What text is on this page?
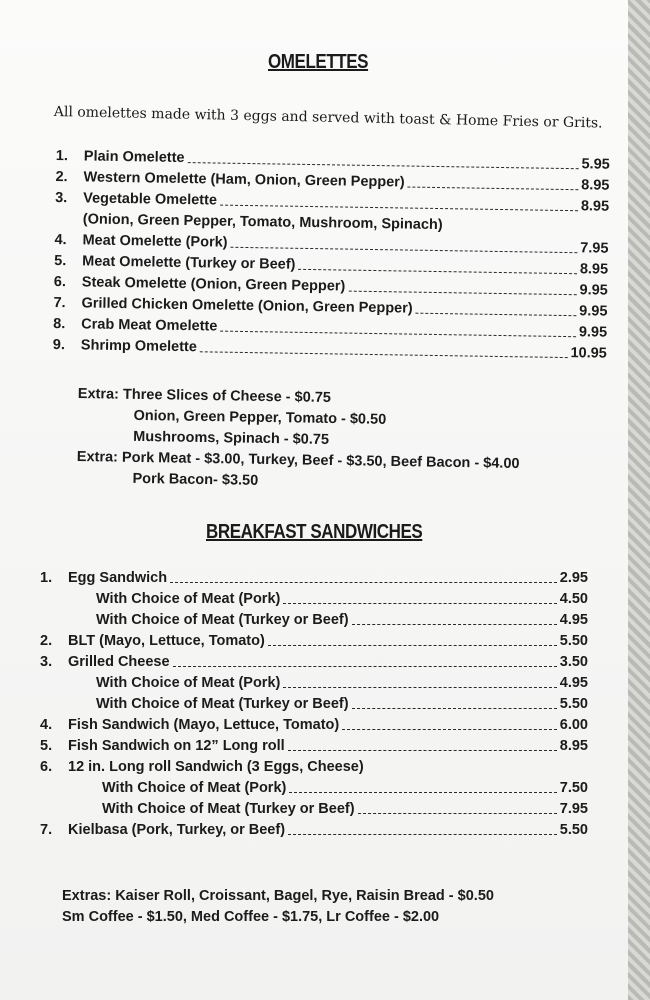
OMELETTES

All omelettes made with 3 eggs and served with toast & Home Fries or Grits.

1.	Plain Omelette	5.95
2.	Western Omelette (Ham, Onion, Green Pepper)	8.95
3.	Vegetable Omelette	8.95
(Onion, Green Pepper, Tomato, Mushroom, Spinach)
4.	Meat Omelette (Pork)	7.95
5.	Meat Omelette (Turkey or Beef)	8.95
6.	Steak Omelette (Onion, Green Pepper)	9.95
7.	Grilled Chicken Omelette (Onion, Green Pepper)	9.95
8.	Crab Meat Omelette	9.95
9.	Shrimp Omelette	10.95
Extra: Three Slices of Cheese - $0.75
Onion, Green Pepper, Tomato - $0.50
Mushrooms, Spinach - $0.75
Extra: Pork Meat - $3.00, Turkey, Beef - $3.50, Beef Bacon - $4.00
Pork Bacon- $3.50
BREAKFAST SANDWICHES
1.	Egg Sandwich	2.95
With Choice of Meat (Pork)	4.50
With Choice of Meat (Turkey or Beef)	4.95
2.	BLT (Mayo, Lettuce, Tomato)	5.50
3.	Grilled Cheese	3.50
With Choice of Meat (Pork)	4.95
With Choice of Meat (Turkey or Beef)	5.50
4.	Fish Sandwich (Mayo, Lettuce, Tomato)	6.00
5.	Fish Sandwich on 12” Long roll	8.95
6.	12 in. Long roll Sandwich (3 Eggs, Cheese)
With Choice of Meat (Pork)	7.50
With Choice of Meat (Turkey or Beef)	7.95
7.	Kielbasa (Pork, Turkey, or Beef)	5.50
Extras: Kaiser Roll, Croissant, Bagel, Rye, Raisin Bread - $0.50
Sm Coffee - $1.50, Med Coffee - $1.75, Lr Coffee - $2.00
